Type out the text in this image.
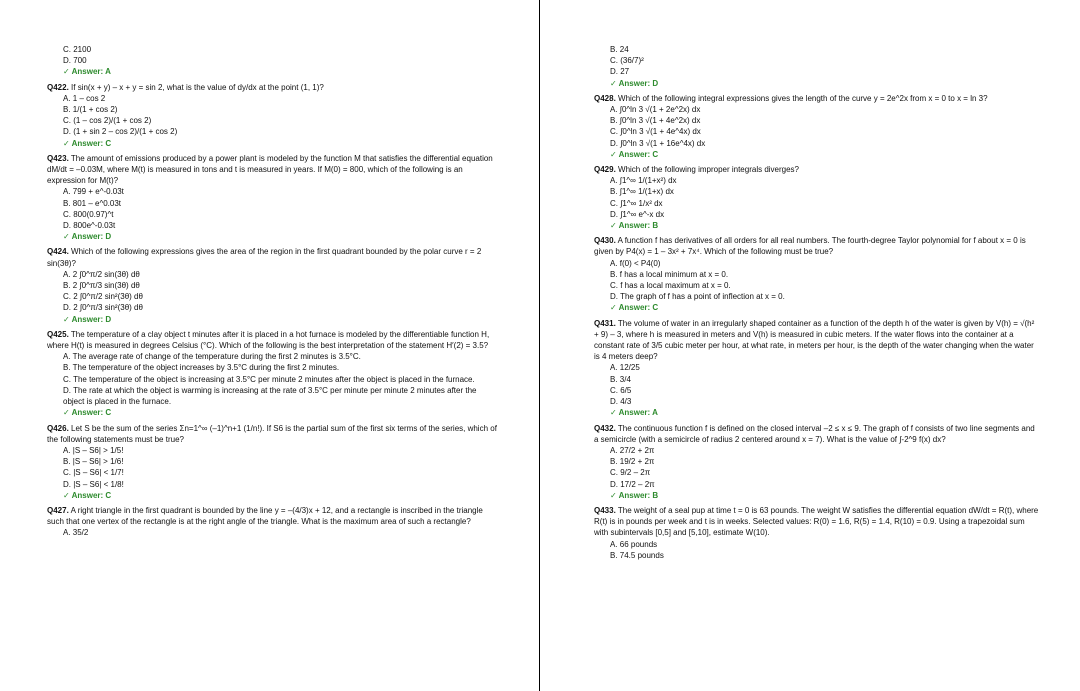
C. 2100
D. 700
✓ Answer: A
Q422. If sin(x + y) – x + y = sin 2, what is the value of dy/dx at the point (1, 1)?
A. 1 – cos 2
B. 1/(1 + cos 2)
C. (1 – cos 2)/(1 + cos 2)
D. (1 + sin 2 – cos 2)/(1 + cos 2)
✓ Answer: C
Q423. The amount of emissions produced by a power plant is modeled by the function M that satisfies the differential equation dM/dt = –0.03M, where M(t) is measured in tons and t is measured in years. If M(0) = 800, which of the following is an expression for M(t)?
A. 799 + e^-0.03t
B. 801 – e^0.03t
C. 800(0.97)^t
D. 800e^-0.03t
✓ Answer: D
Q424. Which of the following expressions gives the area of the region in the first quadrant bounded by the polar curve r = 2 sin(3θ)?
A. 2 ∫0^π/2 sin(3θ) dθ
B. 2 ∫0^π/3 sin(3θ) dθ
C. 2 ∫0^π/2 sin²(3θ) dθ
D. 2 ∫0^π/3 sin²(3θ) dθ
✓ Answer: D
Q425. The temperature of a clay object t minutes after it is placed in a hot furnace is modeled by the differentiable function H, where H(t) is measured in degrees Celsius (°C). Which of the following is the best interpretation of the statement H′(2) = 3.5?
A. The average rate of change of the temperature during the first 2 minutes is 3.5°C.
B. The temperature of the object increases by 3.5°C during the first 2 minutes.
C. The temperature of the object is increasing at 3.5°C per minute 2 minutes after the object is placed in the furnace.
D. The rate at which the object is warming is increasing at the rate of 3.5°C per minute per minute 2 minutes after the object is placed in the furnace.
✓ Answer: C
Q426. Let S be the sum of the series Σn=1^∞ (–1)^n+1 (1/n!). If S6 is the partial sum of the first six terms of the series, which of the following statements must be true?
A. |S – S6| > 1/5!
B. |S – S6| > 1/6!
C. |S – S6| < 1/7!
D. |S – S6| < 1/8!
✓ Answer: C
Q427. A right triangle in the first quadrant is bounded by the line y = –(4/3)x + 12, and a rectangle is inscribed in the triangle such that one vertex of the rectangle is at the right angle of the triangle. What is the maximum area of such a rectangle?
A. 35/2
B. 24
C. (36/7)²
D. 27
✓ Answer: D
Q428. Which of the following integral expressions gives the length of the curve y = 2e^2x from x = 0 to x = ln 3?
A. ∫0^ln 3 √(1 + 2e^2x) dx
B. ∫0^ln 3 √(1 + 4e^2x) dx
C. ∫0^ln 3 √(1 + 4e^4x) dx
D. ∫0^ln 3 √(1 + 16e^4x) dx
✓ Answer: C
Q429. Which of the following improper integrals diverges?
A. ∫1^∞ 1/(1+x²) dx
B. ∫1^∞ 1/(1+x) dx
C. ∫1^∞ 1/x² dx
D. ∫1^∞ e^-x dx
✓ Answer: B
Q430. A function f has derivatives of all orders for all real numbers. The fourth-degree Taylor polynomial for f about x = 0 is given by P4(x) = 1 – 3x² + 7x⁴. Which of the following must be true?
A. f(0) < P4(0)
B. f has a local minimum at x = 0.
C. f has a local maximum at x = 0.
D. The graph of f has a point of inflection at x = 0.
✓ Answer: C
Q431. The volume of water in an irregularly shaped container as a function of the depth h of the water is given by V(h) = √(h² + 9) – 3, where h is measured in meters and V(h) is measured in cubic meters. If the water flows into the container at a constant rate of 3/5 cubic meter per hour, at what rate, in meters per hour, is the depth of the water changing when the water is 4 meters deep?
A. 12/25
B. 3/4
C. 6/5
D. 4/3
✓ Answer: A
Q432. The continuous function f is defined on the closed interval –2 ≤ x ≤ 9. The graph of f consists of two line segments and a semicircle (with a semicircle of radius 2 centered around x = 7). What is the value of ∫-2^9 f(x) dx?
A. 27/2 + 2π
B. 19/2 + 2π
C. 9/2 – 2π
D. 17/2 – 2π
✓ Answer: B
Q433. The weight of a seal pup at time t = 0 is 63 pounds. The weight W satisfies the differential equation dW/dt = R(t), where R(t) is in pounds per week and t is in weeks. Selected values: R(0) = 1.6, R(5) = 1.4, R(10) = 0.9. Using a trapezoidal sum with subintervals [0,5] and [5,10], estimate W(10).
A. 66 pounds
B. 74.5 pounds
